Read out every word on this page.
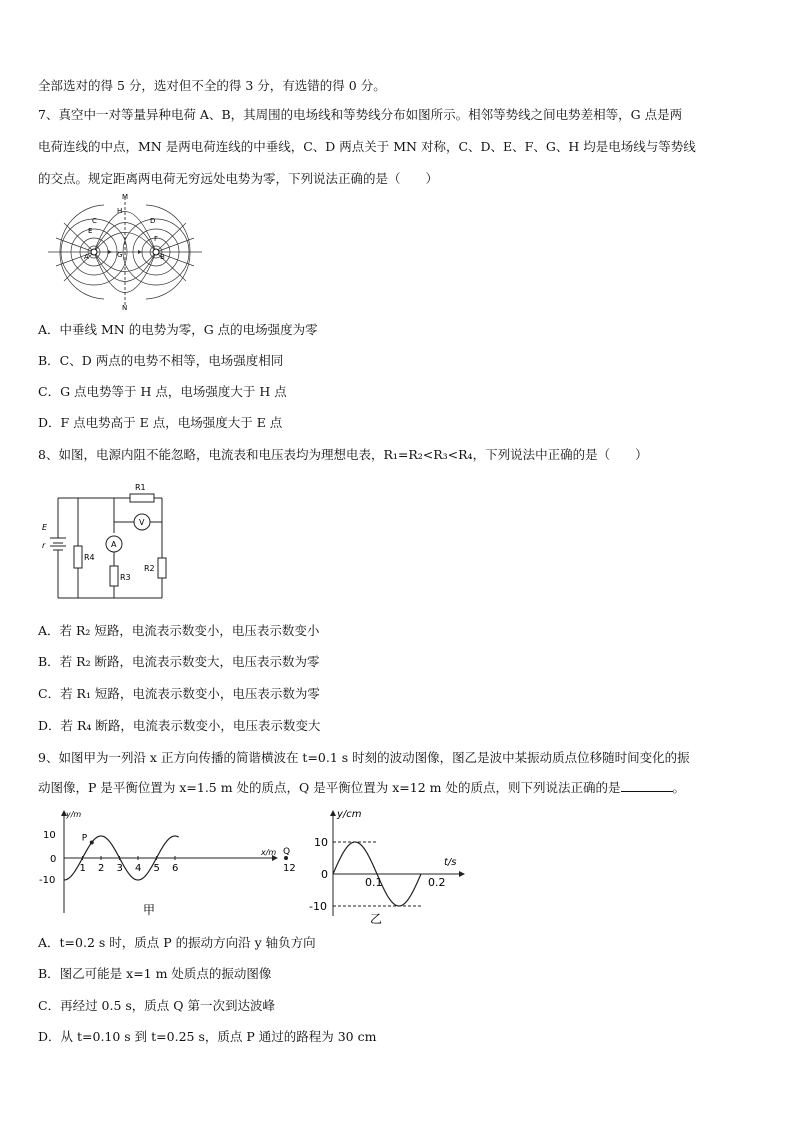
全部选对的得 5 分，选对但不全的得 3 分，有选错的得 0 分。
7、真空中一对等量异种电荷 A、B，其周围的电场线和等势线分布如图所示。相邻等势线之间电势差相等，G 点是两
电荷连线的中点，MN 是两电荷连线的中垂线，C、D 两点关于 MN 对称，C、D、E、F、G、H 均是电场线与等势线
的交点。规定距离两电荷无穷远处电势为零，下列说法正确的是（　　）
M
H
C	D
E
F
G
A	B
N
A．中垂线 MN 的电势为零，G 点的电场强度为零
B．C、D 两点的电势不相等，电场强度相同
C．G 点电势等于 H 点，电场强度大于 H 点
D．F 点电势高于 E 点，电场强度大于 E 点
8、如图，电源内阻不能忽略，电流表和电压表均为理想电表，R₁=R₂<R₃<R₄，下列说法中正确的是（　　）
R1
E
r
V
A
R4
R3
R2
A．若 R₂ 短路，电流表示数变小，电压表示数变小
B．若 R₂ 断路，电流表示数变大，电压表示数为零
C．若 R₁ 短路，电流表示数变小，电压表示数为零
D．若 R₄ 断路，电流表示数变小，电压表示数变大
9、如图甲为一列沿 x 正方向传播的简谐横波在 t=0.1 s 时刻的波动图像，图乙是波中某振动质点位移随时间变化的振
动图像，P 是平衡位置为 x=1.5 m 处的质点，Q 是平衡位置为 x=12 m 处的质点，则下列说法正确的是	。
1 2 3 4 5 6	12
y/m
x/m
10
0
-10
P
Q
甲
y/cm
t/s
10
0
-10
0.1	0.2
乙
A．t=0.2 s 时，质点 P 的振动方向沿 y 轴负方向
B．图乙可能是 x=1 m 处质点的振动图像
C．再经过 0.5 s，质点 Q 第一次到达波峰
D．从 t=0.10 s 到 t=0.25 s，质点 P 通过的路程为 30 cm
